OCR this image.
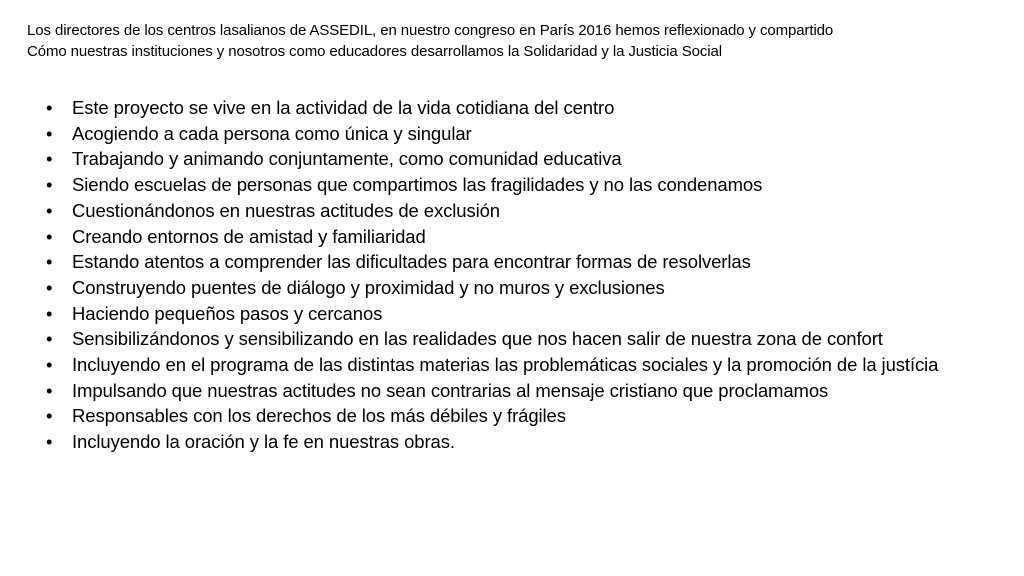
Los directores de los centros lasalianos de ASSEDIL, en nuestro congreso en París 2016 hemos reflexionado y compartido
Cómo nuestras instituciones y nosotros como educadores desarrollamos la Solidaridad y la Justicia Social
• Este proyecto se vive en la actividad de la vida cotidiana del centro
• Acogiendo a cada persona como única y singular
• Trabajando y animando conjuntamente, como comunidad educativa
• Siendo escuelas de personas que compartimos las fragilidades y no las condenamos
• Cuestionándonos en nuestras actitudes de exclusión
• Creando entornos de amistad y familiaridad
• Estando atentos a comprender las dificultades para encontrar formas de resolverlas
• Construyendo puentes de diálogo y proximidad y no muros y exclusiones
• Haciendo pequeños pasos y cercanos
• Sensibilizándonos y sensibilizando en las realidades que nos hacen salir de nuestra zona de confort
• Incluyendo en el programa de las distintas materias las problemáticas sociales y la promoción de la justícia
• Impulsando que nuestras actitudes no sean contrarias al mensaje cristiano que proclamamos
• Responsables con los derechos de los más débiles y frágiles
• Incluyendo la oración y la fe en nuestras obras.
